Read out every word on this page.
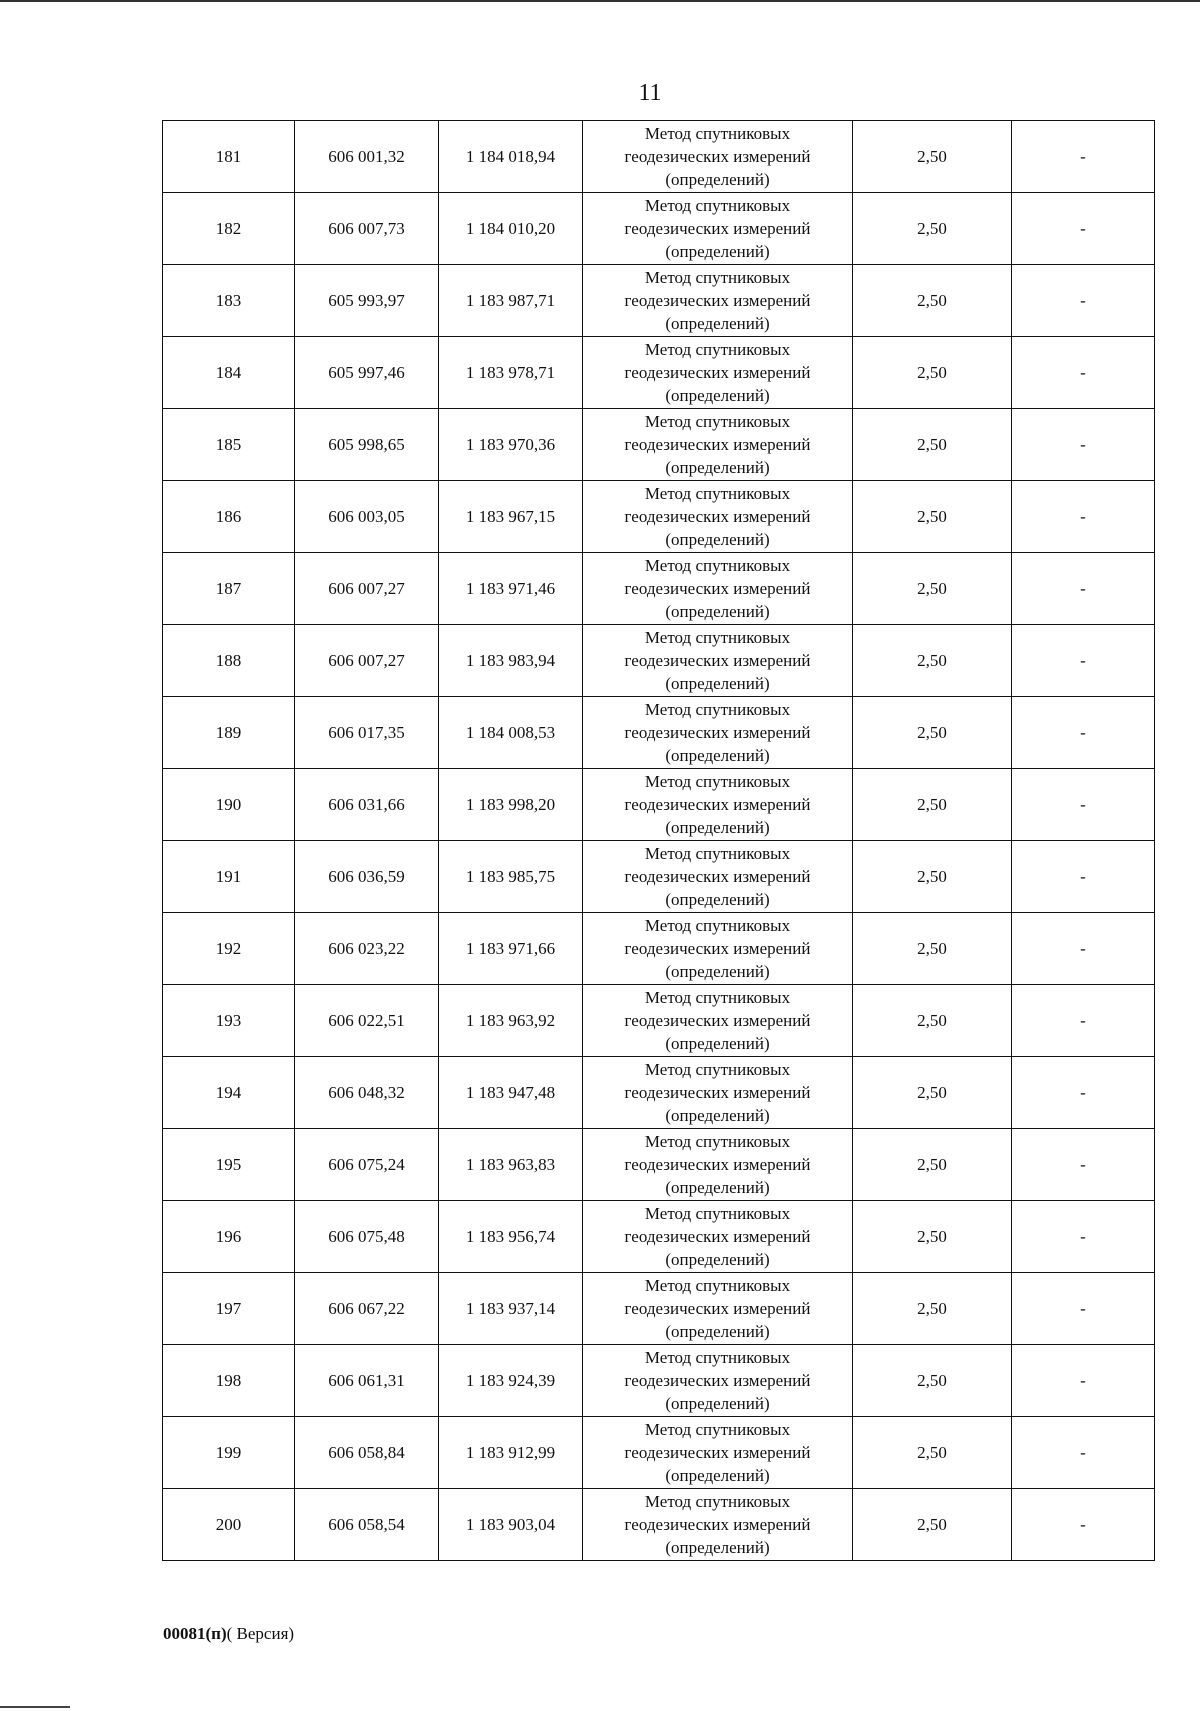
11
181	606 001,32	1 184 018,94	Метод спутниковых
геодезических измерений
(определений)	2,50	-
182	606 007,73	1 184 010,20	Метод спутниковых
геодезических измерений
(определений)	2,50	-
183	605 993,97	1 183 987,71	Метод спутниковых
геодезических измерений
(определений)	2,50	-
184	605 997,46	1 183 978,71	Метод спутниковых
геодезических измерений
(определений)	2,50	-
185	605 998,65	1 183 970,36	Метод спутниковых
геодезических измерений
(определений)	2,50	-
186	606 003,05	1 183 967,15	Метод спутниковых
геодезических измерений
(определений)	2,50	-
187	606 007,27	1 183 971,46	Метод спутниковых
геодезических измерений
(определений)	2,50	-
188	606 007,27	1 183 983,94	Метод спутниковых
геодезических измерений
(определений)	2,50	-
189	606 017,35	1 184 008,53	Метод спутниковых
геодезических измерений
(определений)	2,50	-
190	606 031,66	1 183 998,20	Метод спутниковых
геодезических измерений
(определений)	2,50	-
191	606 036,59	1 183 985,75	Метод спутниковых
геодезических измерений
(определений)	2,50	-
192	606 023,22	1 183 971,66	Метод спутниковых
геодезических измерений
(определений)	2,50	-
193	606 022,51	1 183 963,92	Метод спутниковых
геодезических измерений
(определений)	2,50	-
194	606 048,32	1 183 947,48	Метод спутниковых
геодезических измерений
(определений)	2,50	-
195	606 075,24	1 183 963,83	Метод спутниковых
геодезических измерений
(определений)	2,50	-
196	606 075,48	1 183 956,74	Метод спутниковых
геодезических измерений
(определений)	2,50	-
197	606 067,22	1 183 937,14	Метод спутниковых
геодезических измерений
(определений)	2,50	-
198	606 061,31	1 183 924,39	Метод спутниковых
геодезических измерений
(определений)	2,50	-
199	606 058,84	1 183 912,99	Метод спутниковых
геодезических измерений
(определений)	2,50	-
200	606 058,54	1 183 903,04	Метод спутниковых
геодезических измерений
(определений)	2,50	-
00081(п)( Версия)
